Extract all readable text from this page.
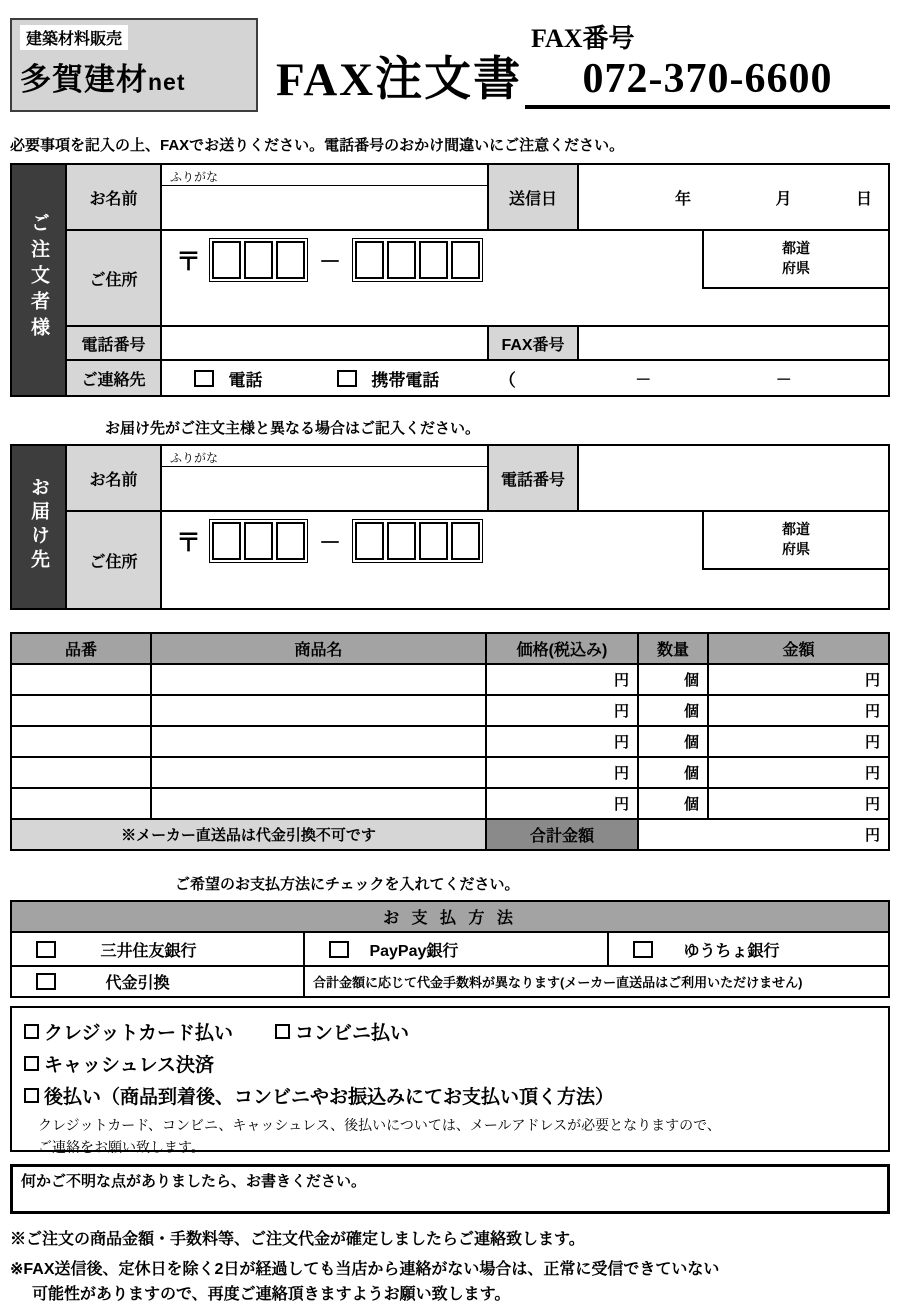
建築材料販売
多賀建材net	FAX注文書
FAX番号
072-370-6600
必要事項を記入の上、FAXでお送りください。電話番号のおかけ間違いにご注意ください。
ご注文者様	お名前	ふりがな	送信日	年 月 日
	ご住所	〒 －
都道
府県		

	電話番号		FAX番号	
	ご連絡先	電話 携帯電話 （ － －		
お届け先がご注文主様と異なる場合はご記入ください。
お届け先	お名前	ふりがな	電話番号	
	ご住所	〒 －
都道
府県		
品番	商品名	価格(税込み)	数量	金額
		円	個	円
		円	個	円
		円	個	円
		円	個	円
		円	個	円
※メーカー直送品は代金引換不可です		合計金額	円	
ご希望のお支払方法にチェックを入れてください。
お 支 払 方 法		
三井住友銀行	PayPay銀行	ゆうちょ銀行
代金引換	合計金額に応じて代金手数料が異なります(メーカー直送品はご利用いただけません)	
クレジットカード払い	コンビニ払い
キャッシュレス決済
後払い（商品到着後、コンビニやお振込みにてお支払い頂く方法）
クレジットカード、コンビニ、キャッシュレス、後払いについては、メールアドレスが必要となりますので、
ご連絡をお願い致します。
何かご不明な点がありましたら、お書きください。
※ご注文の商品金額・手数料等、ご注文代金が確定しましたらご連絡致します。
※FAX送信後、定休日を除く2日が経過しても当店から連絡がない場合は、正常に受信できていない
可能性がありますので、再度ご連絡頂きますようお願い致します。
